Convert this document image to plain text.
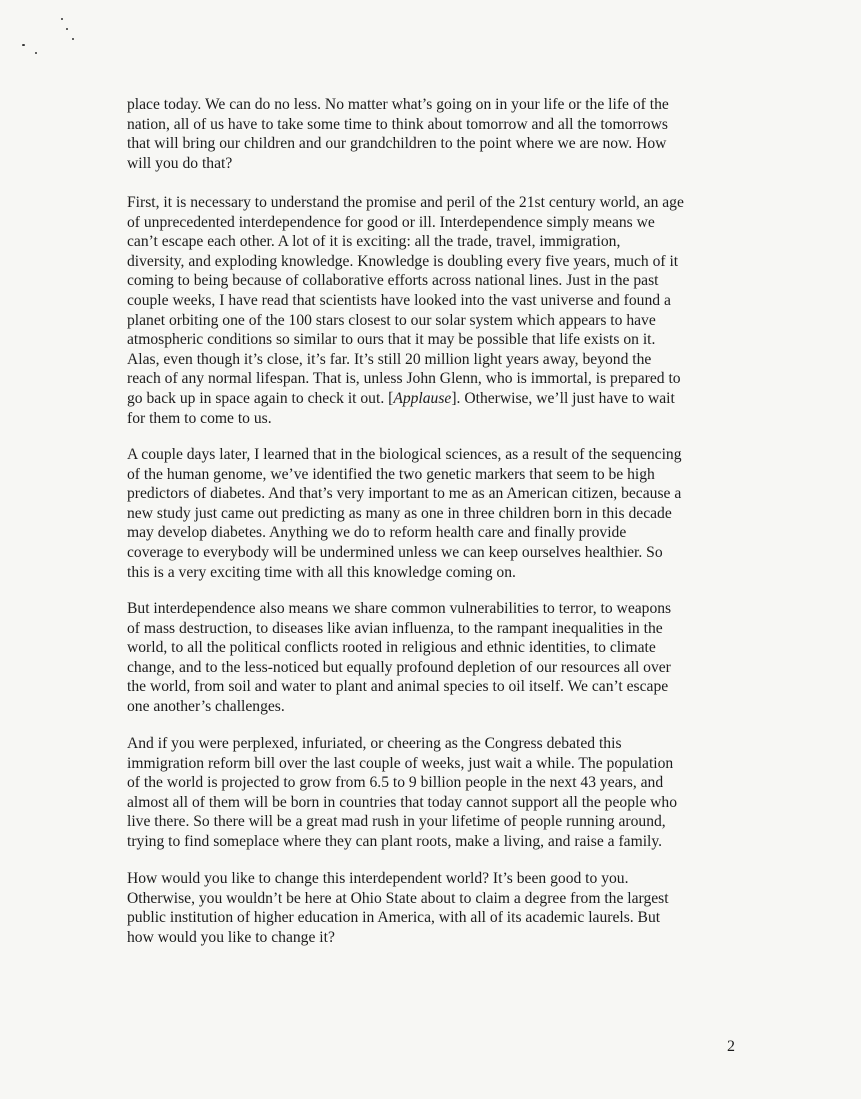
place today. We can do no less. No matter what’s going on in your life or the life of the
nation, all of us have to take some time to think about tomorrow and all the tomorrows
that will bring our children and our grandchildren to the point where we are now. How
will you do that?
First, it is necessary to understand the promise and peril of the 21st century world, an age
of unprecedented interdependence for good or ill. Interdependence simply means we
can’t escape each other. A lot of it is exciting: all the trade, travel, immigration,
diversity, and exploding knowledge. Knowledge is doubling every five years, much of it
coming to being because of collaborative efforts across national lines. Just in the past
couple weeks, I have read that scientists have looked into the vast universe and found a
planet orbiting one of the 100 stars closest to our solar system which appears to have
atmospheric conditions so similar to ours that it may be possible that life exists on it.
Alas, even though it’s close, it’s far. It’s still 20 million light years away, beyond the
reach of any normal lifespan. That is, unless John Glenn, who is immortal, is prepared to
go back up in space again to check it out. [Applause]. Otherwise, we’ll just have to wait
for them to come to us.
A couple days later, I learned that in the biological sciences, as a result of the sequencing
of the human genome, we’ve identified the two genetic markers that seem to be high
predictors of diabetes. And that’s very important to me as an American citizen, because a
new study just came out predicting as many as one in three children born in this decade
may develop diabetes. Anything we do to reform health care and finally provide
coverage to everybody will be undermined unless we can keep ourselves healthier. So
this is a very exciting time with all this knowledge coming on.
But interdependence also means we share common vulnerabilities to terror, to weapons
of mass destruction, to diseases like avian influenza, to the rampant inequalities in the
world, to all the political conflicts rooted in religious and ethnic identities, to climate
change, and to the less-noticed but equally profound depletion of our resources all over
the world, from soil and water to plant and animal species to oil itself. We can’t escape
one another’s challenges.
And if you were perplexed, infuriated, or cheering as the Congress debated this
immigration reform bill over the last couple of weeks, just wait a while. The population
of the world is projected to grow from 6.5 to 9 billion people in the next 43 years, and
almost all of them will be born in countries that today cannot support all the people who
live there. So there will be a great mad rush in your lifetime of people running around,
trying to find someplace where they can plant roots, make a living, and raise a family.
How would you like to change this interdependent world? It’s been good to you.
Otherwise, you wouldn’t be here at Ohio State about to claim a degree from the largest
public institution of higher education in America, with all of its academic laurels. But
how would you like to change it?
2
